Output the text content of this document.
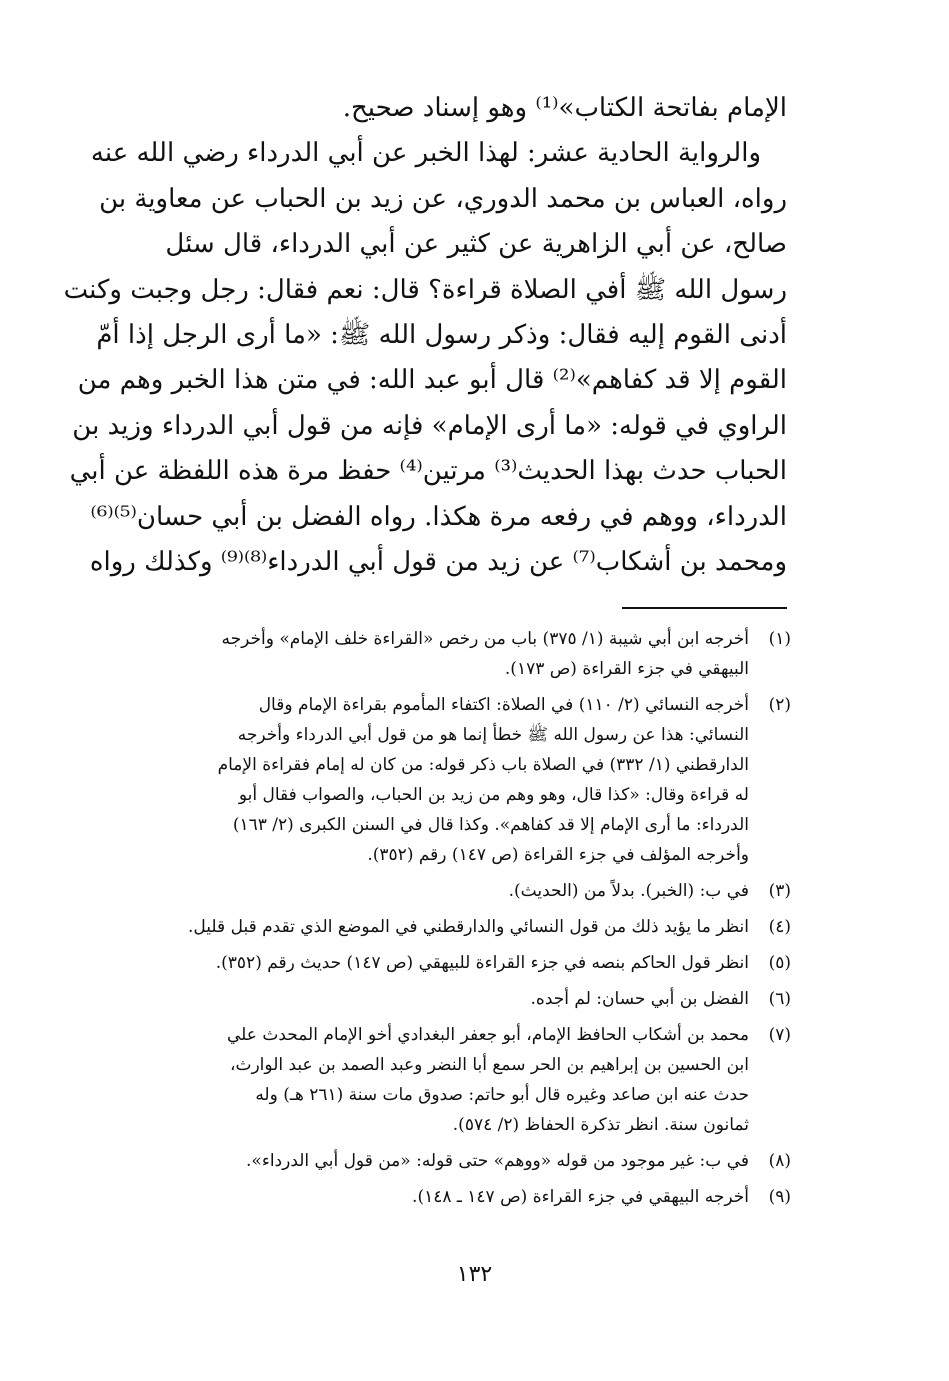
الإمام بفاتحة الكتاب»⁽¹⁾ وهو إسناد صحيح.
والرواية الحادية عشر: لهذا الخبر عن أبي الدرداء رضي الله عنه
رواه، العباس بن محمد الدوري، عن زيد بن الحباب عن معاوية بن
صالح، عن أبي الزاهرية عن كثير عن أبي الدرداء، قال سئل
رسول الله ﷺ أفي الصلاة قراءة؟ قال: نعم فقال: رجل وجبت وكنت
أدنى القوم إليه فقال: وذكر رسول الله ﷺ: «ما أرى الرجل إذا أمّ
القوم إلا قد كفاهم»⁽²⁾ قال أبو عبد الله: في متن هذا الخبر وهم من
الراوي في قوله: «ما أرى الإمام» فإنه من قول أبي الدرداء وزيد بن
الحباب حدث بهذا الحديث⁽³⁾ مرتين⁽⁴⁾ حفظ مرة هذه اللفظة عن أبي
الدرداء، ووهم في رفعه مرة هكذا. رواه الفضل بن أبي حسان⁽⁵⁾⁽⁶⁾
ومحمد بن أشكاب⁽⁷⁾ عن زيد من قول أبي الدرداء⁽⁸⁾⁽⁹⁾ وكذلك رواه
(١)
أخرجه ابن أبي شيبة (١/ ٣٧٥) باب من رخص «القراءة خلف الإمام» وأخرجه
البيهقي في جزء القراءة (ص ١٧٣).
(٢)
أخرجه النسائي (٢/ ١١٠) في الصلاة: اكتفاء المأموم بقراءة الإمام وقال
النسائي: هذا عن رسول الله ﷺ خطأ إنما هو من قول أبي الدرداء وأخرجه
الدارقطني (١/ ٣٣٢) في الصلاة باب ذكر قوله: من كان له إمام فقراءة الإمام
له قراءة وقال: «كذا قال، وهو وهم من زيد بن الحباب، والصواب فقال أبو
الدرداء: ما أرى الإمام إلا قد كفاهم». وكذا قال في السنن الكبرى (٢/ ١٦٣)
وأخرجه المؤلف في جزء القراءة (ص ١٤٧) رقم (٣٥٢).
(٣)
في ب: (الخبر). بدلاً من (الحديث).
(٤)
انظر ما يؤيد ذلك من قول النسائي والدارقطني في الموضع الذي تقدم قبل قليل.
(٥)
انظر قول الحاكم بنصه في جزء القراءة للبيهقي (ص ١٤٧) حديث رقم (٣٥٢).
(٦)
الفضل بن أبي حسان: لم أجده.
(٧)
محمد بن أشكاب الحافظ الإمام، أبو جعفر البغدادي أخو الإمام المحدث علي
ابن الحسين بن إبراهيم بن الحر سمع أبا النضر وعبد الصمد بن عبد الوارث،
حدث عنه ابن صاعد وغيره قال أبو حاتم: صدوق مات سنة (٢٦١ هـ) وله
ثمانون سنة. انظر تذكرة الحفاظ (٢/ ٥٧٤).
(٨)
في ب: غير موجود من قوله «ووهم» حتى قوله: «من قول أبي الدرداء».
(٩)
أخرجه البيهقي في جزء القراءة (ص ١٤٧ ـ ١٤٨).
١٣٢
